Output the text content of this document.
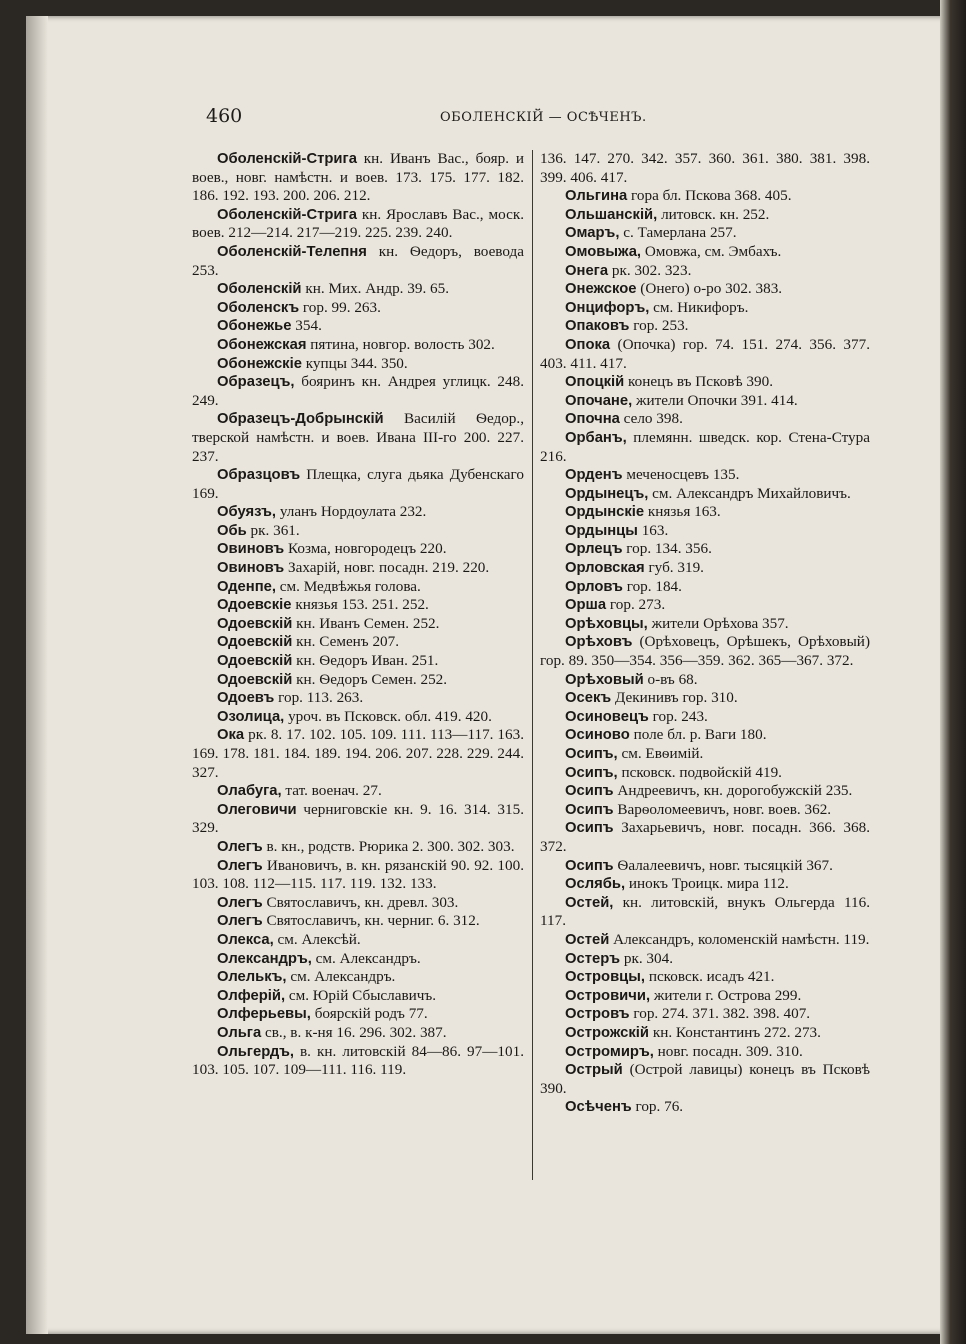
460	ОБОЛЕНСКІЙ — ОСѢЧЕНЪ.

Оболенскій-Стрига кн. Иванъ Вас., бояр. и воев., новг. намѣстн. и воев. 173. 175. 177. 182. 186. 192. 193. 200. 206. 212.

Оболенскій-Стрига кн. Ярославъ Вас., моск. воев. 212—214. 217—219. 225. 239. 240.

Оболенскій-Телепня кн. Ѳедоръ, воевода 253.

Оболенскій кн. Мих. Андр. 39. 65.

Оболенскъ гор. 99. 263.

Обонежье 354.

Обонежская пятина, новгор. волость 302.

Обонежскіе купцы 344. 350.

Образецъ, бояринъ кн. Андрея углицк. 248. 249.

Образецъ-Добрынскій Василій Ѳедор., тверской намѣстн. и воев. Ивана III-го 200. 227. 237.

Образцовъ Плещка, слуга дьяка Дубенскаго 169.

Обуязъ, уланъ Нордоулата 232.

Обь рк. 361.

Овиновъ Козма, новгородецъ 220.

Овиновъ Захарій, новг. посадн. 219. 220.

Оденпе, см. Медвѣжья голова.

Одоевскіе князья 153. 251. 252.

Одоевскій кн. Иванъ Семен. 252.

Одоевскій кн. Семенъ 207.

Одоевскій кн. Ѳедоръ Иван. 251.

Одоевскій кн. Ѳедоръ Семен. 252.

Одоевъ гор. 113. 263.

Озолица, уроч. въ Псковск. обл. 419. 420.

Ока рк. 8. 17. 102. 105. 109. 111. 113—117. 163. 169. 178. 181. 184. 189. 194. 206. 207. 228. 229. 244. 327.

Олабуга, тат. военач. 27.

Олеговичи черниговскіе кн. 9. 16. 314. 315. 329.

Олегъ в. кн., родств. Рюрика 2. 300. 302. 303.

Олегъ Ивановичъ, в. кн. рязанскій 90. 92. 100. 103. 108. 112—115. 117. 119. 132. 133.

Олегъ Святославичъ, кн. древл. 303.

Олегъ Святославичъ, кн. черниг. 6. 312.

Олекса, см. Алексѣй.

Олександръ, см. Александръ.

Олелькъ, см. Александръ.

Олферій, см. Юрій Сбыславичъ.

Олферьевы, боярскій родъ 77.

Ольга св., в. к-ня 16. 296. 302. 387.

Ольгердъ, в. кн. литовскій 84—86. 97—101. 103. 105. 107. 109—111. 116. 119.

136. 147. 270. 342. 357. 360. 361. 380. 381. 398. 399. 406. 417.

Ольгина гора бл. Пскова 368. 405.

Ольшанскій, литовск. кн. 252.

Омаръ, с. Тамерлана 257.

Омовыжа, Омовжа, см. Эмбахъ.

Онега рк. 302. 323.

Онежское (Онего) о-ро 302. 383.

Онцифоръ, см. Никифоръ.

Опаковъ гор. 253.

Опока (Опочка) гор. 74. 151. 274. 356. 377. 403. 411. 417.

Опоцкій конецъ въ Псковѣ 390.

Опочане, жители Опочки 391. 414.

Опочна село 398.

Орбанъ, племянн. шведск. кор. Стена-Стура 216.

Орденъ меченосцевъ 135.

Ордынецъ, см. Александръ Михайловичъ.

Ордынскіе князья 163.

Ордынцы 163.

Орлецъ гор. 134. 356.

Орловская губ. 319.

Орловъ гор. 184.

Орша гор. 273.

Орѣховцы, жители Орѣхова 357.

Орѣховъ (Орѣховецъ, Орѣшекъ, Орѣховый) гор. 89. 350—354. 356—359. 362. 365—367. 372.

Орѣховый о-въ 68.

Осекъ Декинивъ гор. 310.

Осиновецъ гор. 243.

Осиново поле бл. р. Ваги 180.

Осипъ, см. Евѳимій.

Осипъ, псковск. подвойскій 419.

Осипъ Андреевичъ, кн. дорогобужскій 235.

Осипъ Варѳоломеевичъ, новг. воев. 362.

Осипъ Захарьевичъ, новг. посадн. 366. 368. 372.

Осипъ Ѳалалеевичъ, новг. тысяцкій 367.

Ослябь, инокъ Троицк. мира 112.

Остей, кн. литовскій, внукъ Ольгерда 116. 117.

Остей Александръ, коломенскій намѣстн. 119.

Остеръ рк. 304.

Островцы, псковск. исадъ 421.

Островичи, жители г. Острова 299.

Островъ гор. 274. 371. 382. 398. 407.

Острожскій кн. Константинъ 272. 273.

Остромиръ, новг. посадн. 309. 310.

Острый (Острой лавицы) конецъ въ Псковѣ 390.

Осѣченъ гор. 76.
